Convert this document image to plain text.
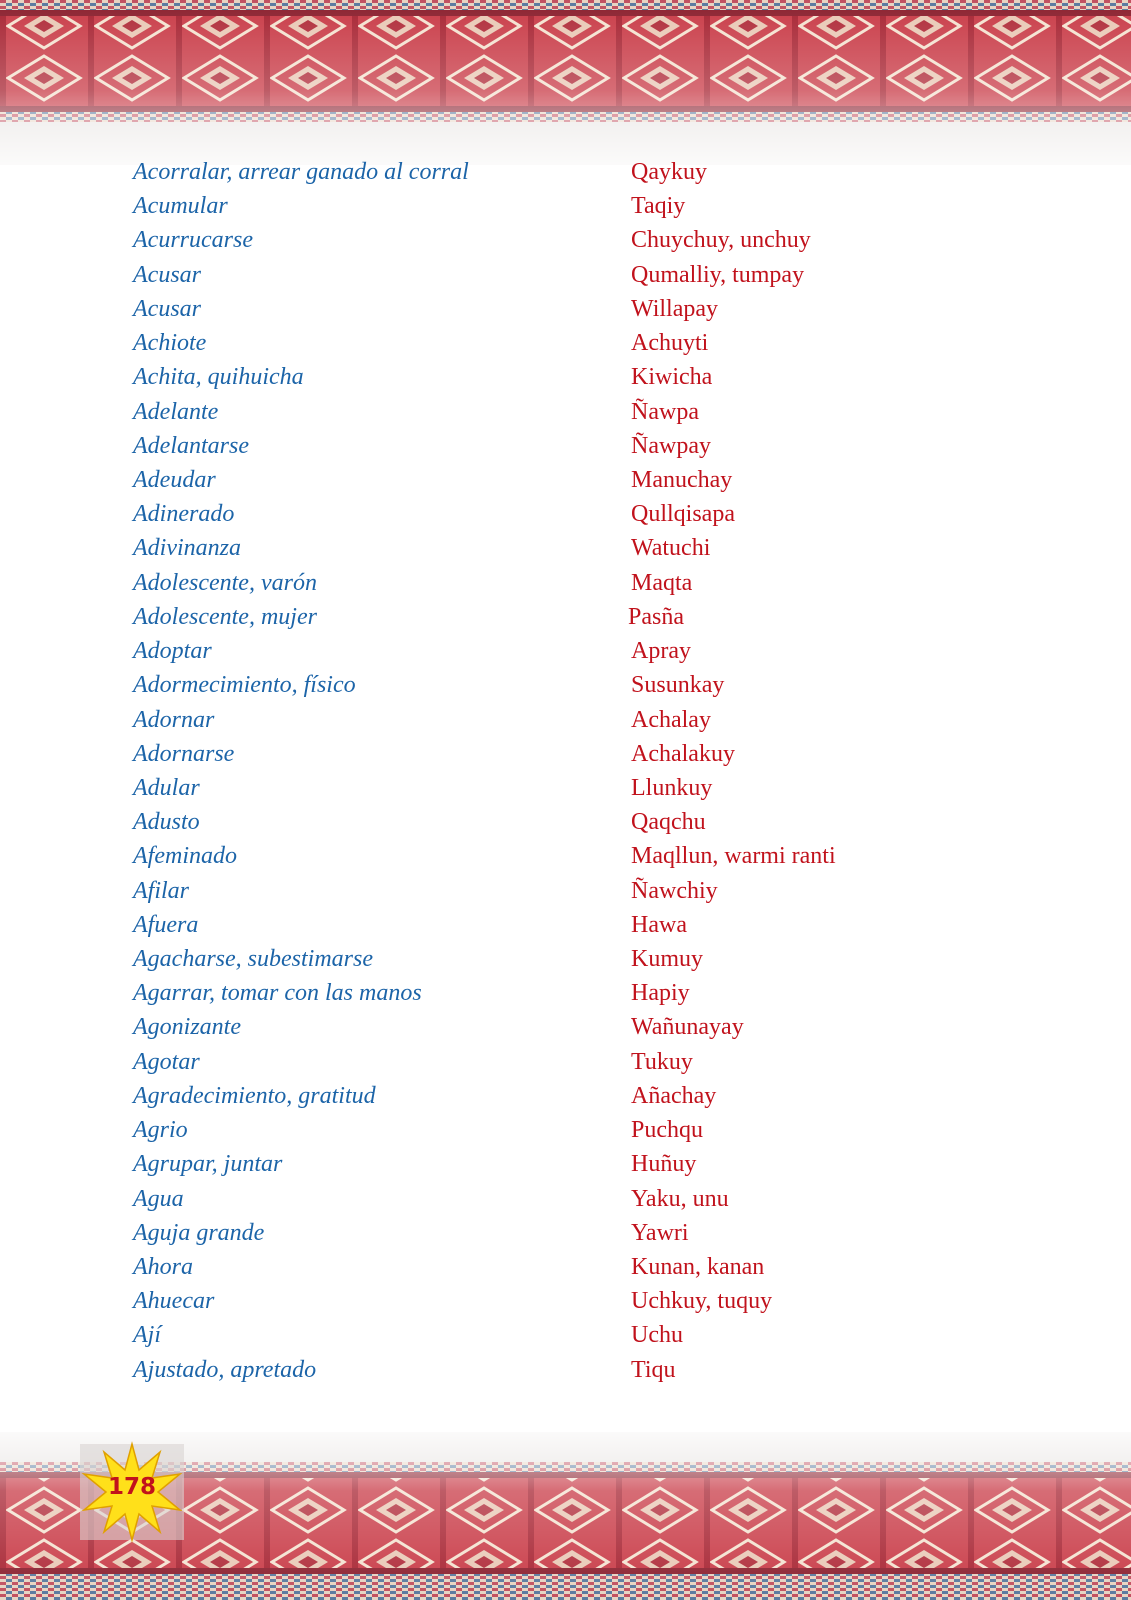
Acorralar, arrear ganado al corral	Qaykuy
Acumular	Taqiy
Acurrucarse	Chuychuy, unchuy
Acusar	Qumalliy, tumpay
Acusar	Willapay
Achiote	Achuyti
Achita, quihuicha	Kiwicha
Adelante	Ñawpa
Adelantarse	Ñawpay
Adeudar	Manuchay
Adinerado	Qullqisapa
Adivinanza	Watuchi
Adolescente, varón	Maqta
Adolescente, mujer	Pasña
Adoptar	Apray
Adormecimiento, físico	Susunkay
Adornar	Achalay
Adornarse	Achalakuy
Adular	Llunkuy
Adusto	Qaqchu
Afeminado	Maqllun, warmi ranti
Afilar	Ñawchiy
Afuera	Hawa
Agacharse, subestimarse	Kumuy
Agarrar, tomar con las manos	Hapiy
Agonizante	Wañunayay
Agotar	Tukuy
Agradecimiento, gratitud	Añachay
Agrio	Puchqu
Agrupar, juntar	Huñuy
Agua	Yaku, unu
Aguja grande	Yawri
Ahora	Kunan, kanan
Ahuecar	Uchkuy, tuquy
Ají	Uchu
Ajustado, apretado	Tiqu
178
